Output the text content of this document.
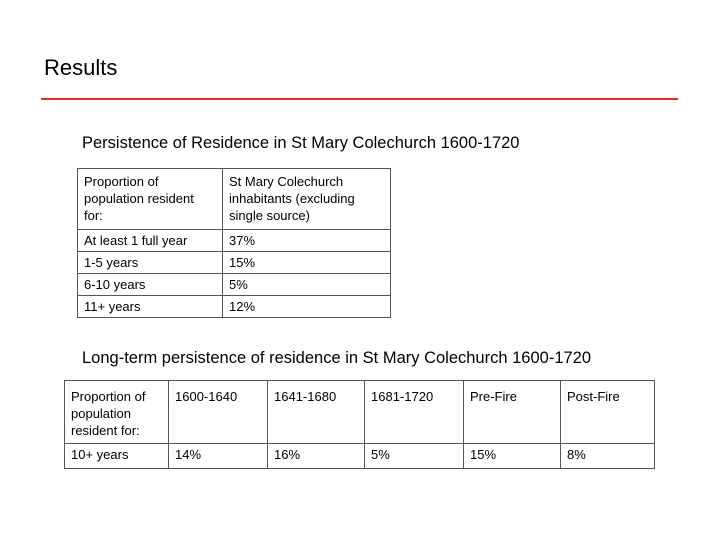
Results
Persistence of Residence in St Mary Colechurch 1600-1720
Proportion of population resident for:	St Mary Colechurch inhabitants (excluding single source)
At least 1 full year	37%
1-5 years	15%
6-10 years	5%
11+ years	12%
Long-term persistence of residence in St Mary Colechurch 1600-1720
Proportion of population resident for:	1600-1640	1641-1680	1681-1720	Pre-Fire	Post-Fire
10+ years	14%	16%	5%	15%	8%
